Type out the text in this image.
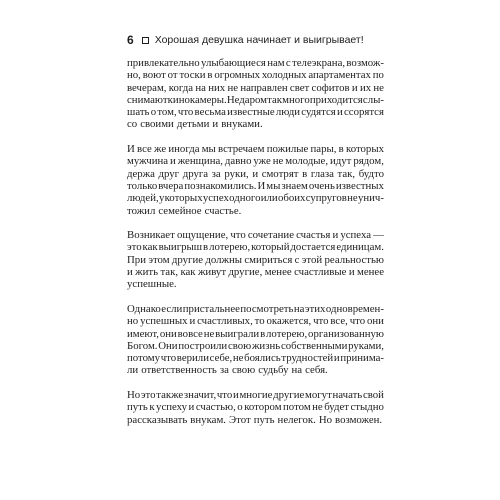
6 Хорошая девушка начинает и выигрывает!
привлекательно улыбающиеся нам с телеэкрана, возмож-
но, воют от тоски в огромных холодных апартаментах по
вечерам, когда на них не направлен свет софитов и их не
снимают кинокамеры. Недаром так много приходится слы-
шать о том, что весьма известные люди судятся и ссорятся
со своими детьми и внуками.
И все же иногда мы встречаем пожилые пары, в которых
мужчина и женщина, давно уже не молодые, идут рядом,
держа друг друга за руки, и смотрят в глаза так, будто
только вчера познакомились. И мы знаем очень известных
людей, у которых успех одного или обоих супругов не унич-
тожил семейное счастье.
Возникает ощущение, что сочетание счастья и успеха —
это как выигрыш в лотерею, который достается единицам.
При этом другие должны смириться с этой реальностью
и жить так, как живут другие, менее счастливые и менее
успешные.
Однако если пристальнее посмотреть на этих одновремен-
но успешных и счастливых, то окажется, что все, что они
имеют, они вовсе не выиграли в лотерею, организованную
Богом. Они построили свою жизнь собственными руками,
потому что верили себе, не боялись трудностей и принима-
ли ответственность за свою судьбу на себя.
Но это также значит, что и многие другие могут начать свой
путь к успеху и счастью, о котором потом не будет стыдно
рассказывать внукам. Этот путь нелегок. Но возможен.
